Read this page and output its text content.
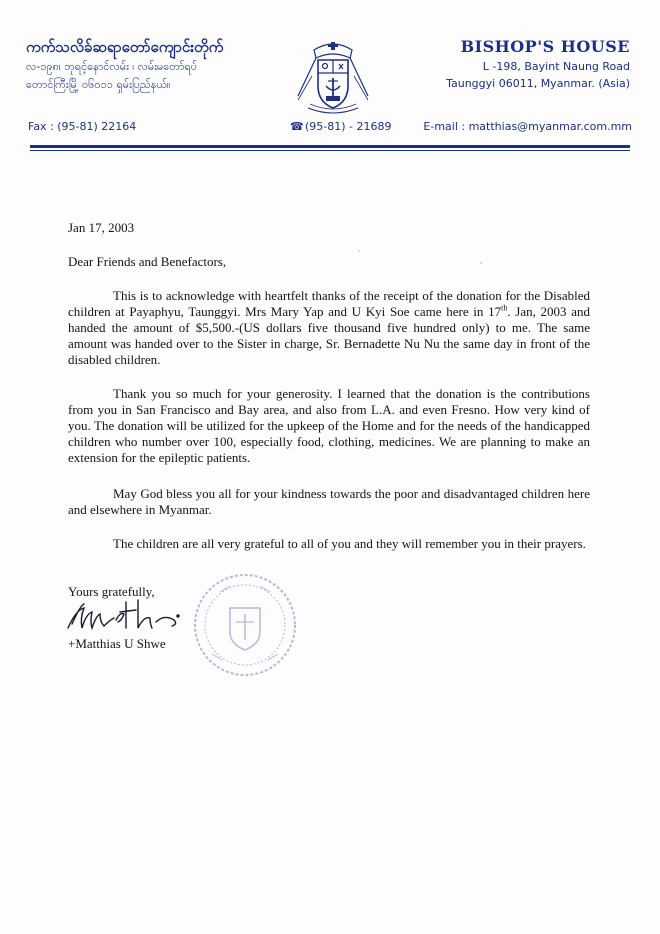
ကက်သလိခ်ဆရာတော်ကျောင်းတိုက်
လ-၁၉၈၊ ဘုရင့်နောင်လမ်း ၊ လမ်းမတော်ရပ်
တောင်ကြီးမြို့ ၀၆၀၁၁ ရှမ်းပြည်နယ်။
BISHOP'S HOUSE
L -198, Bayint Naung Road
Taunggyi 06011, Myanmar. (Asia)
Fax : (95-81) 22164	☎(95-81) - 21689	E-mail : matthias@myanmar.com.mm
Jan 17, 2003
Dear Friends and Benefactors,

This is to acknowledge with heartfelt thanks of the receipt of the donation for the Disabled children at Payaphyu, Taunggyi. Mrs Mary Yap and U Kyi Soe came here in 17th. Jan, 2003 and handed the amount of $5,500.-(US dollars five thousand five hundred only) to me. The same amount was handed over to the Sister in charge, Sr. Bernadette Nu Nu the same day in front of the disabled children.

Thank you so much for your generosity. I learned that the donation is the contributions from you in San Francisco and Bay area, and also from L.A. and even Fresno. How very kind of you. The donation will be utilized for the upkeep of the Home and for the needs of the handicapped children who number over 100, especially food, clothing, medicines. We are planning to make an extension for the epileptic patients.

May God bless you all for your kindness towards the poor and disadvantaged children here and elsewhere in Myanmar.

The children are all very grateful to all of you and they will remember you in their prayers.

Yours gratefully,
+Matthias U Shwe
